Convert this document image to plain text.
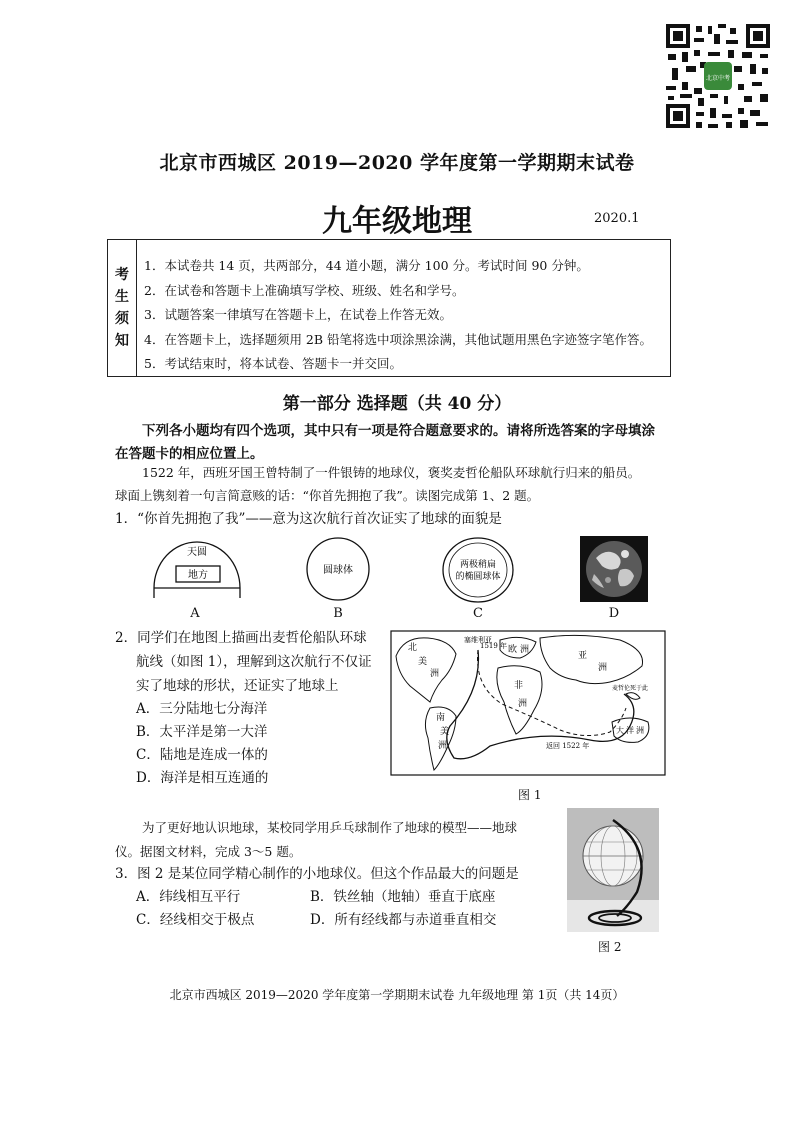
北京中考
北京市西城区 2019—2020 学年度第一学期期末试卷
九年级地理	2020.1
考
生
须
知
1．本试卷共 14 页，共两部分，44 道小题，满分 100 分。考试时间 90 分钟。
2．在试卷和答题卡上准确填写学校、班级、姓名和学号。
3．试题答案一律填写在答题卡上，在试卷上作答无效。
4．在答题卡上，选择题须用 2B 铅笔将选中项涂黑涂满，其他试题用黑色字迹签字笔作答。
5．考试结束时，将本试卷、答题卡一并交回。
第一部分 选择题（共 40 分）
下列各小题均有四个选项，其中只有一项是符合题意要求的。请将所选答案的字母填涂
在答题卡的相应位置上。
1522 年，西班牙国王曾特制了一件银铸的地球仪，褒奖麦哲伦船队环球航行归来的船员。
球面上镌刻着一句言简意赅的话：“你首先拥抱了我”。读图完成第 1、2 题。
1．“你首先拥抱了我”——意为这次航行首次证实了地球的面貌是
天圆
地方
A
圆球体
B
两极稍扁
的椭圆球体
C	D
2．同学们在地图上描画出麦哲伦船队环球
航线（如图 1），理解到这次航行不仅证
实了地球的形状，还证实了地球上
A．三分陆地七分海洋
B．太平洋是第一大洋
C．陆地是连成一体的
D．海洋是相互连通的
北
美
洲
欧 洲
亚
洲
非
洲
南
美
洲
大 洋 洲
1519 年
返回 1522 年
麦哲伦死于此
塞维利亚
图 1
为了更好地认识地球，某校同学用乒乓球制作了地球的模型——地球
仪。据图文材料，完成 3～5 题。
图 2
3．图 2 是某位同学精心制作的小地球仪。但这个作品最大的问题是
A．纬线相互平行	B．铁丝轴（地轴）垂直于底座
C．经线相交于极点	D．所有经线都与赤道垂直相交
北京市西城区 2019—2020 学年度第一学期期末试卷 九年级地理 第 1页（共 14页）
